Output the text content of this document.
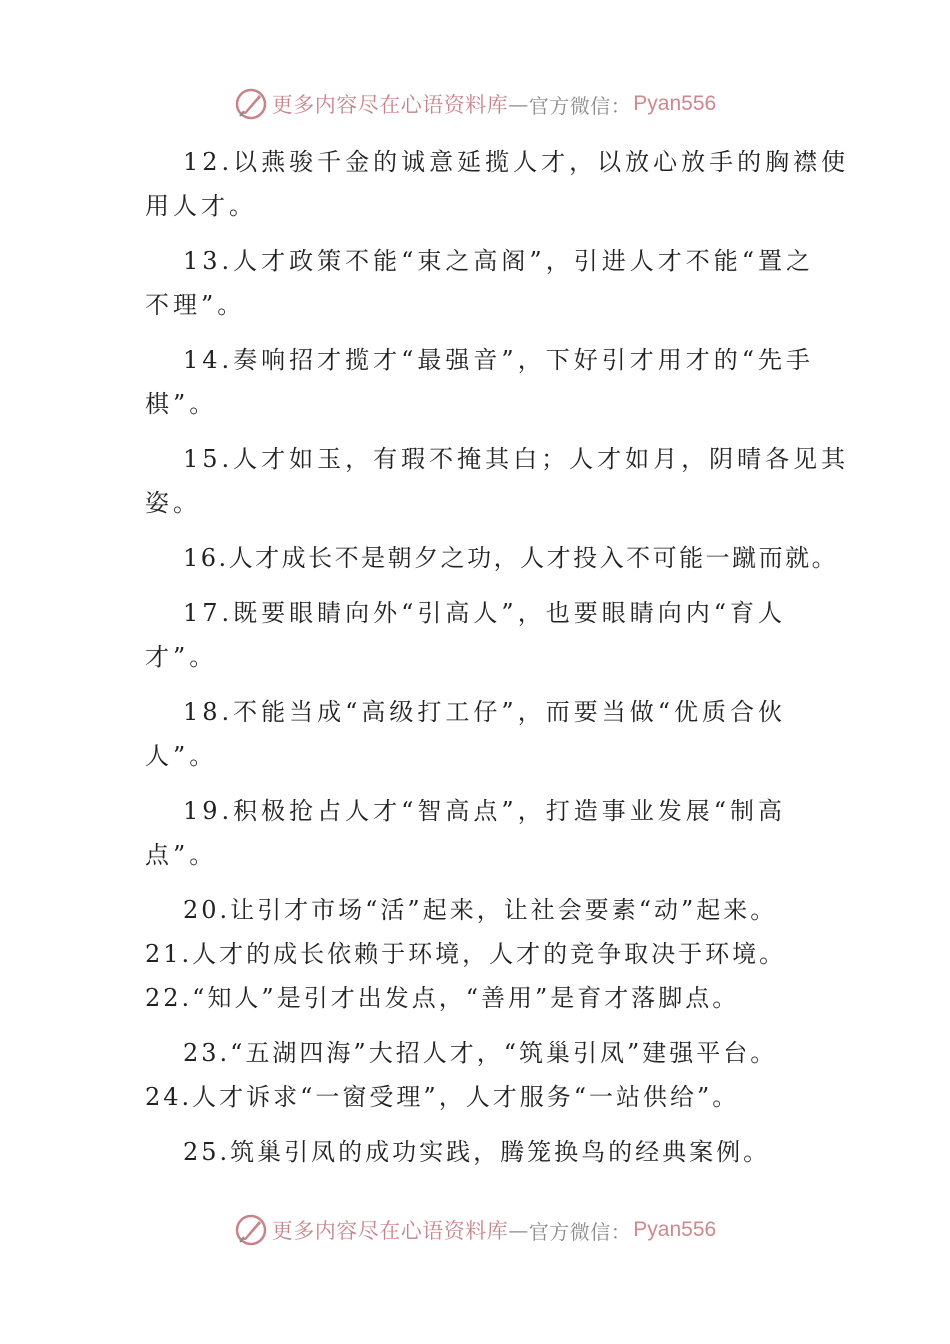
更多内容尽在心语资料库 — 官方微信： Pyan556

12.以燕骏千金的诚意延揽人才，以放心放手的胸襟使
用人才。

13.人才政策不能“束之高阁”，引进人才不能“置之
不理”。

14.奏响招才揽才“最强音”，下好引才用才的“先手
棋”。

15.人才如玉，有瑕不掩其白；人才如月，阴晴各见其
姿。

16.人才成长不是朝夕之功，人才投入不可能一蹴而就。

17.既要眼睛向外“引高人”，也要眼睛向内“育人
才”。

18.不能当成“高级打工仔”，而要当做“优质合伙
人”。

19.积极抢占人才“智高点”，打造事业发展“制高
点”。

20.让引才市场“活”起来，让社会要素“动”起来。

21.人才的成长依赖于环境，人才的竞争取决于环境。

22.“知人”是引才出发点，“善用”是育才落脚点。

23.“五湖四海”大招人才，“筑巢引凤”建强平台。

24.人才诉求“一窗受理”，人才服务“一站供给”。

25.筑巢引凤的成功实践，腾笼换鸟的经典案例。

更多内容尽在心语资料库 — 官方微信： Pyan556
